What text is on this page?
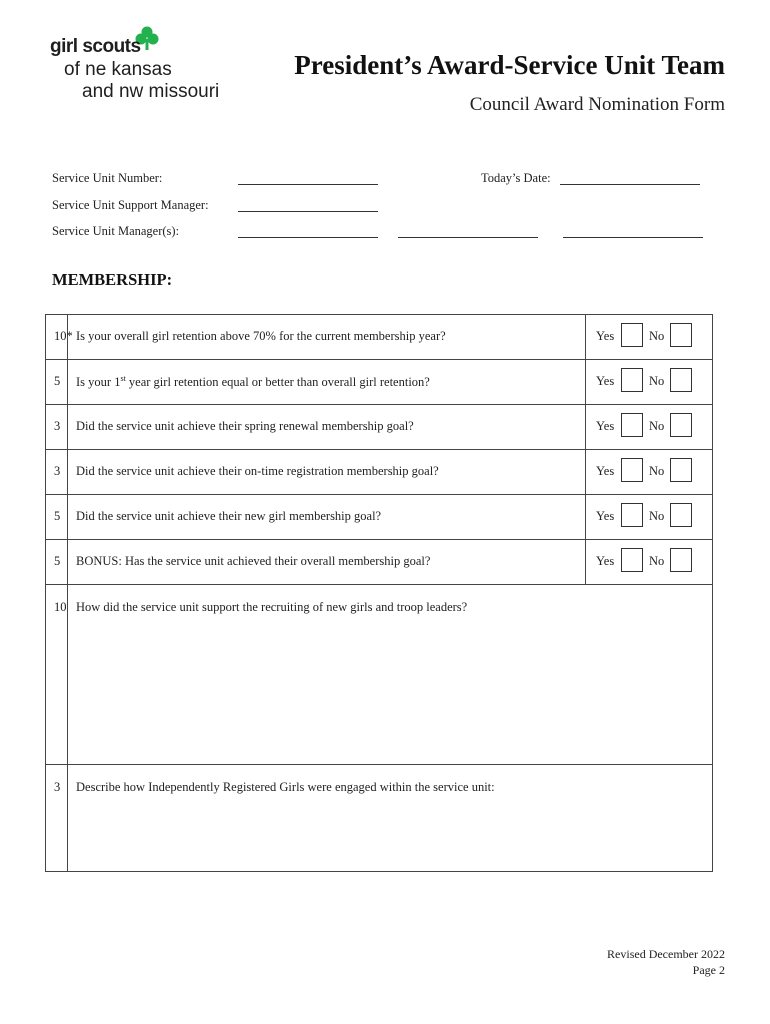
girl scouts
of ne kansas
and nw missouri
President’s Award-Service Unit Team
Council Award Nomination Form
Service Unit Number:	Today’s Date:
Service Unit Support Manager:
Service Unit Manager(s):
MEMBERSHIP:
10*	Is your overall girl retention above 70% for the current membership year?	Yes No

5	Is your 1st year girl retention equal or better than overall girl retention?	Yes No

3	Did the service unit achieve their spring renewal membership goal?	Yes No

3	Did the service unit achieve their on-time registration membership goal?	Yes No

5	Did the service unit achieve their new girl membership goal?	Yes No

5	BONUS: Has the service unit achieved their overall membership goal?	Yes No

10	How did the service unit support the recruiting of new girls and troop leaders?	
3	Describe how Independently Registered Girls were engaged within the service unit:	
Revised December 2022
Page 2
